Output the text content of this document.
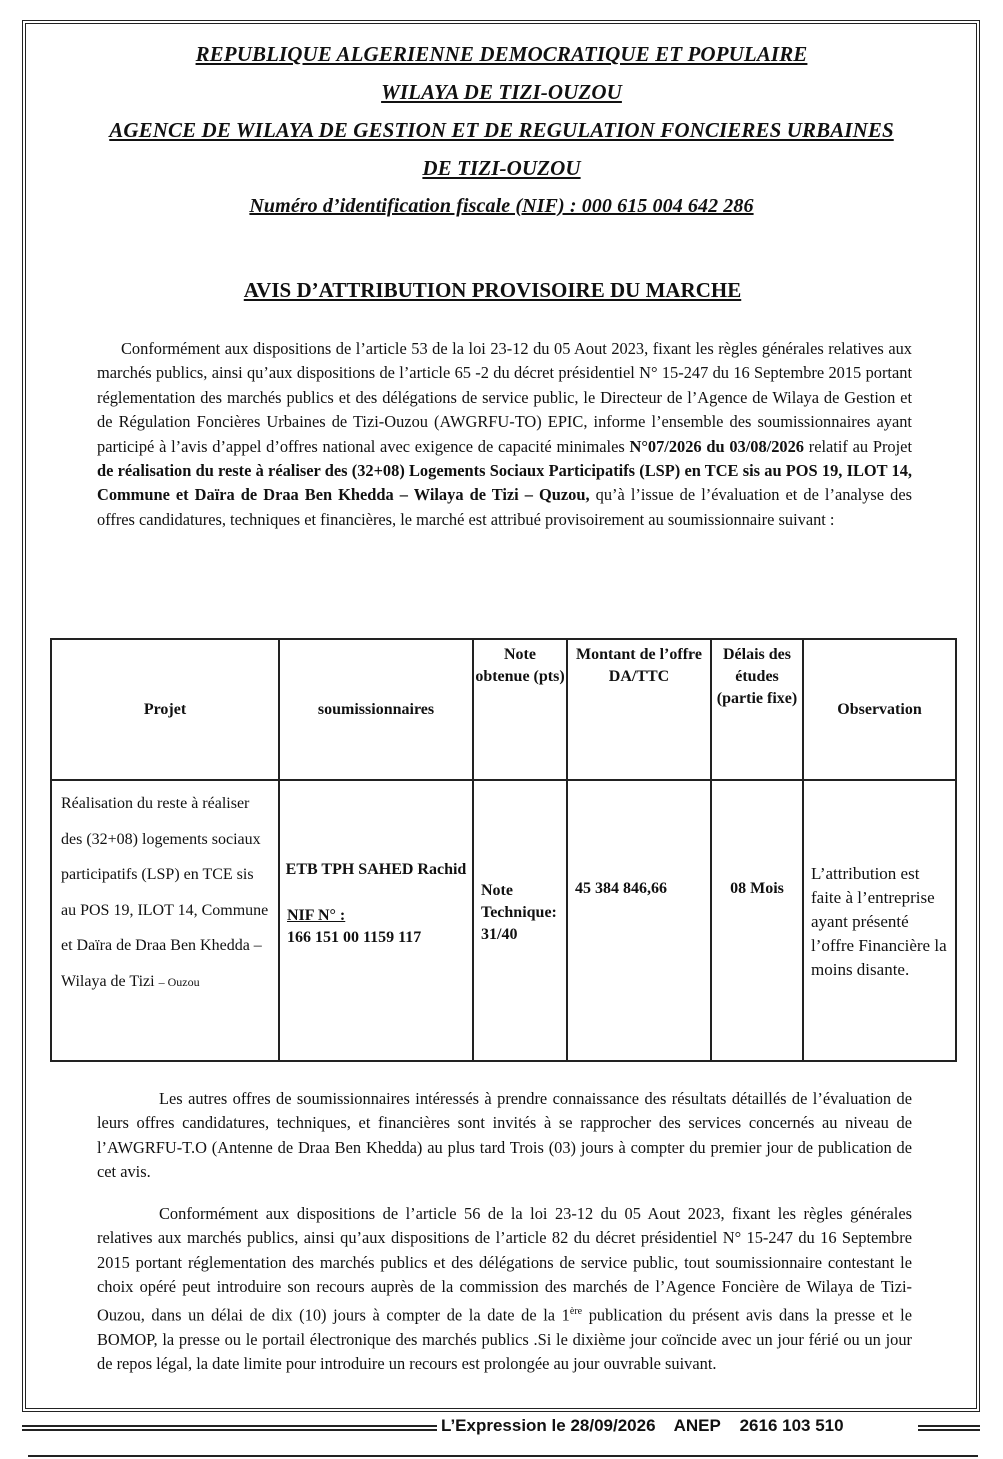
REPUBLIQUE ALGERIENNE DEMOCRATIQUE ET POPULAIRE
WILAYA DE TIZI-OUZOU
AGENCE DE WILAYA DE GESTION ET DE REGULATION FONCIERES URBAINES
DE TIZI-OUZOU
Numéro d’identification fiscale (NIF) : 000 615 004 642 286
AVIS D’ATTRIBUTION PROVISOIRE DU MARCHE

Conformément aux dispositions de l’article 53 de la loi 23-12 du 05 Aout 2023, fixant les règles générales relatives aux marchés publics, ainsi qu’aux dispositions de l’article 65 -2 du décret présidentiel N° 15-247 du 16 Septembre 2015 portant réglementation des marchés publics et des délégations de service public, le Directeur de l’Agence de Wilaya de Gestion et de Régulation Foncières Urbaines de Tizi-Ouzou (AWGRFU-TO) EPIC, informe l’ensemble des soumissionnaires ayant participé à l’avis d’appel d’offres national avec exigence de capacité minimales N°07/2026 du 03/08/2026 relatif au Projet de réalisation du reste à réaliser des (32+08) Logements Sociaux Participatifs (LSP) en TCE sis au POS 19, ILOT 14, Commune et Daïra de Draa Ben Khedda – Wilaya de Tizi – Quzou, qu’à l’issue de l’évaluation et de l’analyse des offres candidatures, techniques et financières, le marché est attribué provisoirement au soumissionnaire suivant :

Projet	soumissionnaires	Note obtenue (pts)	Montant de l’offre DA/TTC	Délais des études (partie fixe)	Observation

Réalisation du reste à réaliser des (32+08) logements sociaux participatifs (LSP) en TCE sis au POS 19, ILOT 14, Commune et Daïra de Draa Ben Khedda – Wilaya de Tizi – Ouzou	ETB TPH SAHED Rachid
NIF N° :
166 151 00 1159 117	Note Technique: 31/40	45 384 846,66	08 Mois	L’attribution est faite à l’entreprise ayant présenté l’offre Financière la moins disante.

Les autres offres de soumissionnaires intéressés à prendre connaissance des résultats détaillés de l’évaluation de leurs offres candidatures, techniques, et financières sont invités à se rapprocher des services concernés au niveau de l’AWGRFU-T.O (Antenne de Draa Ben Khedda) au plus tard Trois (03) jours à compter du premier jour de publication de cet avis.

Conformément aux dispositions de l’article 56 de la loi 23-12 du 05 Aout 2023, fixant les règles générales relatives aux marchés publics, ainsi qu’aux dispositions de l’article 82 du décret présidentiel N° 15-247 du 16 Septembre 2015 portant réglementation des marchés publics et des délégations de service public, tout soumissionnaire contestant le choix opéré peut introduire son recours auprès de la commission des marchés de l’Agence Foncière de Wilaya de Tizi-Ouzou, dans un délai de dix (10) jours à compter de la date de la 1ère publication du présent avis dans la presse et le BOMOP, la presse ou le portail électronique des marchés publics .Si le dixième jour coïncide avec un jour férié ou un jour de repos légal, la date limite pour introduire un recours est prolongée au jour ouvrable suivant.

L’Expression le 28/09/2026 ANEP 2616 103 510
